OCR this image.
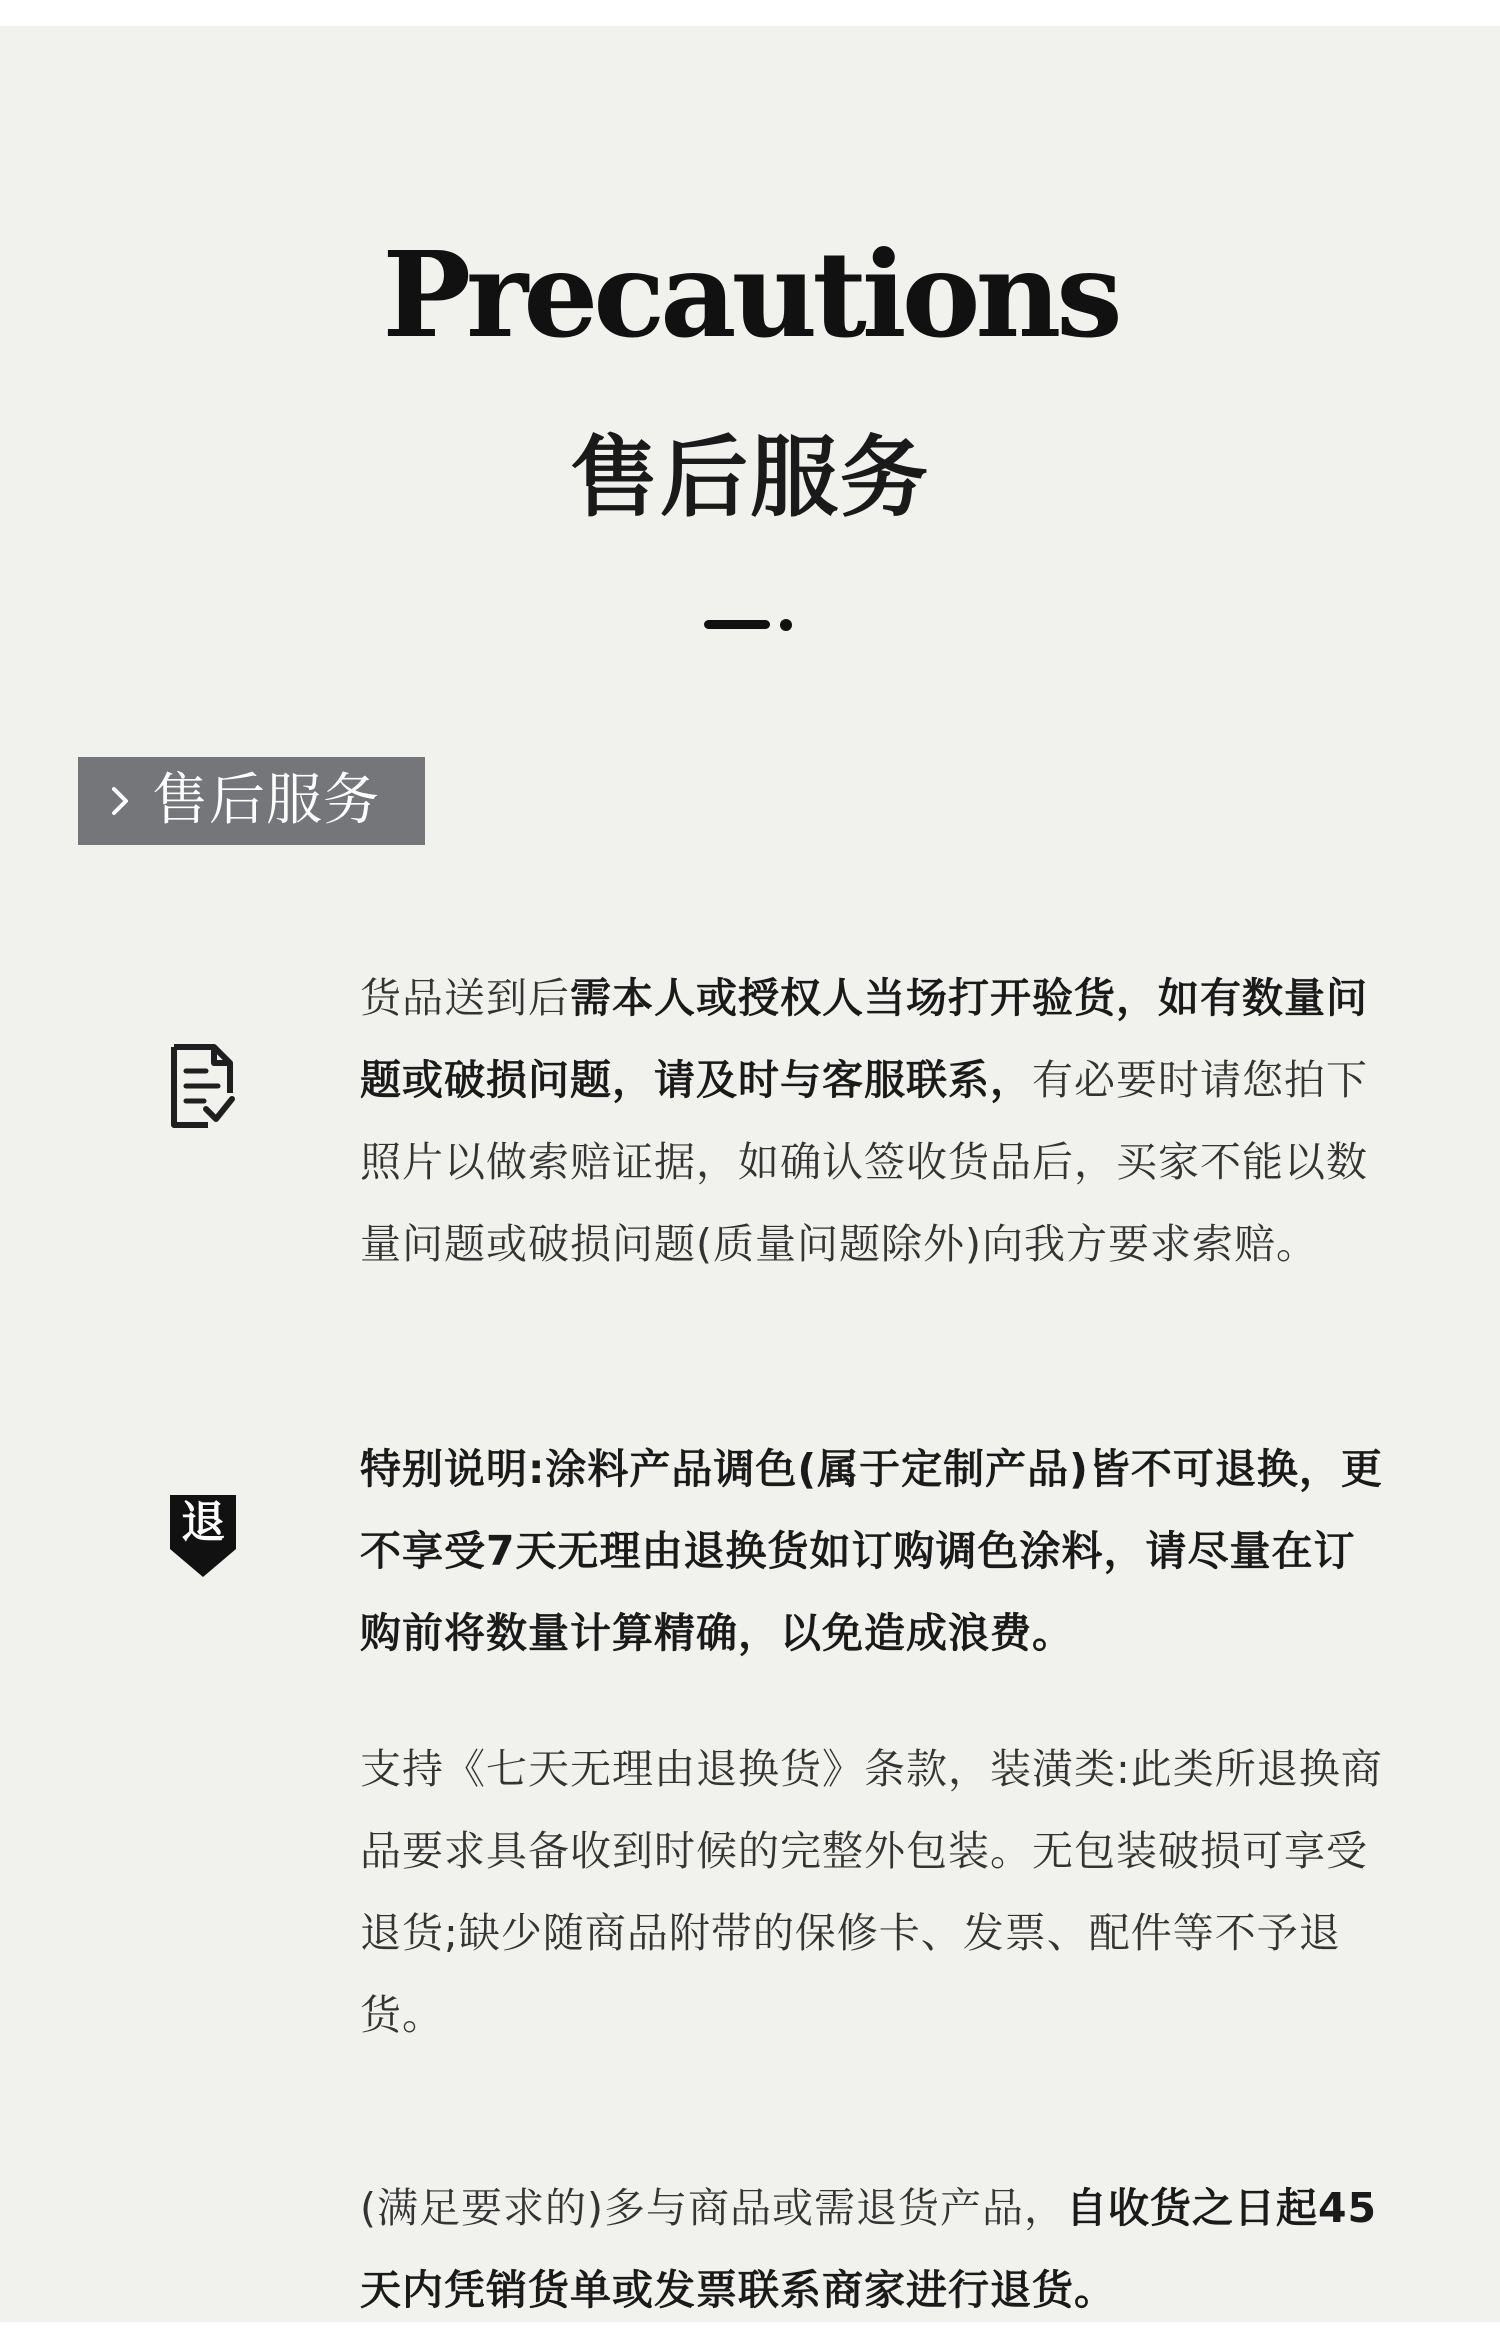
Precautions
售后服务
售后服务

货品送到后需本人或授权人当场打开验货，如有数量问题或破损问题，请及时与客服联系，有必要时请您拍下照片以做索赔证据，如确认签收货品后，买家不能以数量问题或破损问题(质量问题除外)向我方要求索赔。

退

特别说明:涂料产品调色(属于定制产品)皆不可退换，更不享受7天无理由退换货如订购调色涂料，请尽量在订购前将数量计算精确，以免造成浪费。

支持《七天无理由退换货》条款，装潢类:此类所退换商品要求具备收到时候的完整外包装。无包装破损可享受退货;缺少随商品附带的保修卡、发票、配件等不予退货。

(满足要求的)多与商品或需退货产品，自收货之日起45天内凭销货单或发票联系商家进行退货。
